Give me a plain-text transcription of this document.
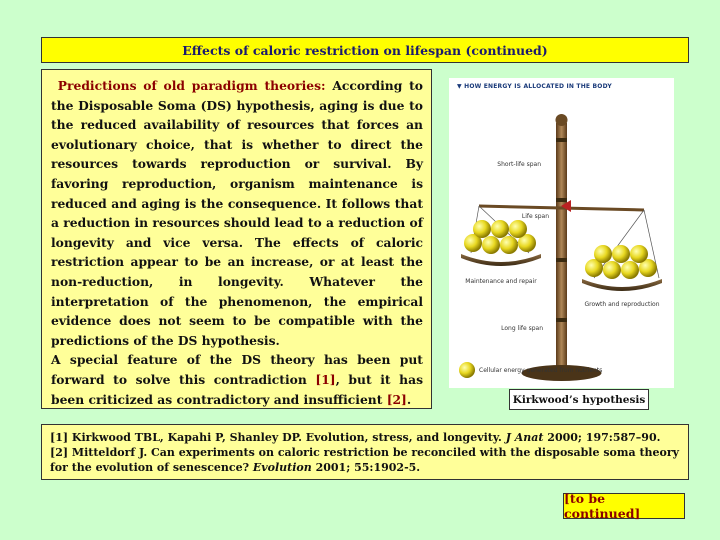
Effects of caloric restriction on lifespan (continued)

Predictions of old paradigm theories: According to the Disposable Soma (DS) hypothesis, aging is due to the reduced availability of resources that forces an evolutionary choice, that is whether to direct the resources towards reproduction or survival. By favoring reproduction, organism maintenance is reduced and aging is the consequence. It follows that a reduction in resources should lead to a reduction of longevity and vice versa. The effects of caloric restriction appear to be an increase, or at least the non-reduction, in longevity. Whatever the interpretation of the phenomenon, the empirical evidence does not seem to be compatible with the predictions of the DS hypothesis.

A special feature of the DS theory has been put forward to solve this contradiction [1], but it has been criticized as contradictory and insufficient [2].

▼ HOW ENERGY IS ALLOCATED IN THE BODY
Short-life span
Life span
Long life span
Maintenance and repair
Growth and reproduction
Cellular energy generated from nutrients
Kirkwood’s hypothesis

[1] Kirkwood TBL, Kapahi P, Shanley DP. Evolution, stress, and longevity. J Anat 2000; 197:587–90.

[2] Mitteldorf J. Can experiments on caloric restriction be reconciled with the disposable soma theory for the evolution of senescence? Evolution 2001; 55:1902-5.

[to be continued]
